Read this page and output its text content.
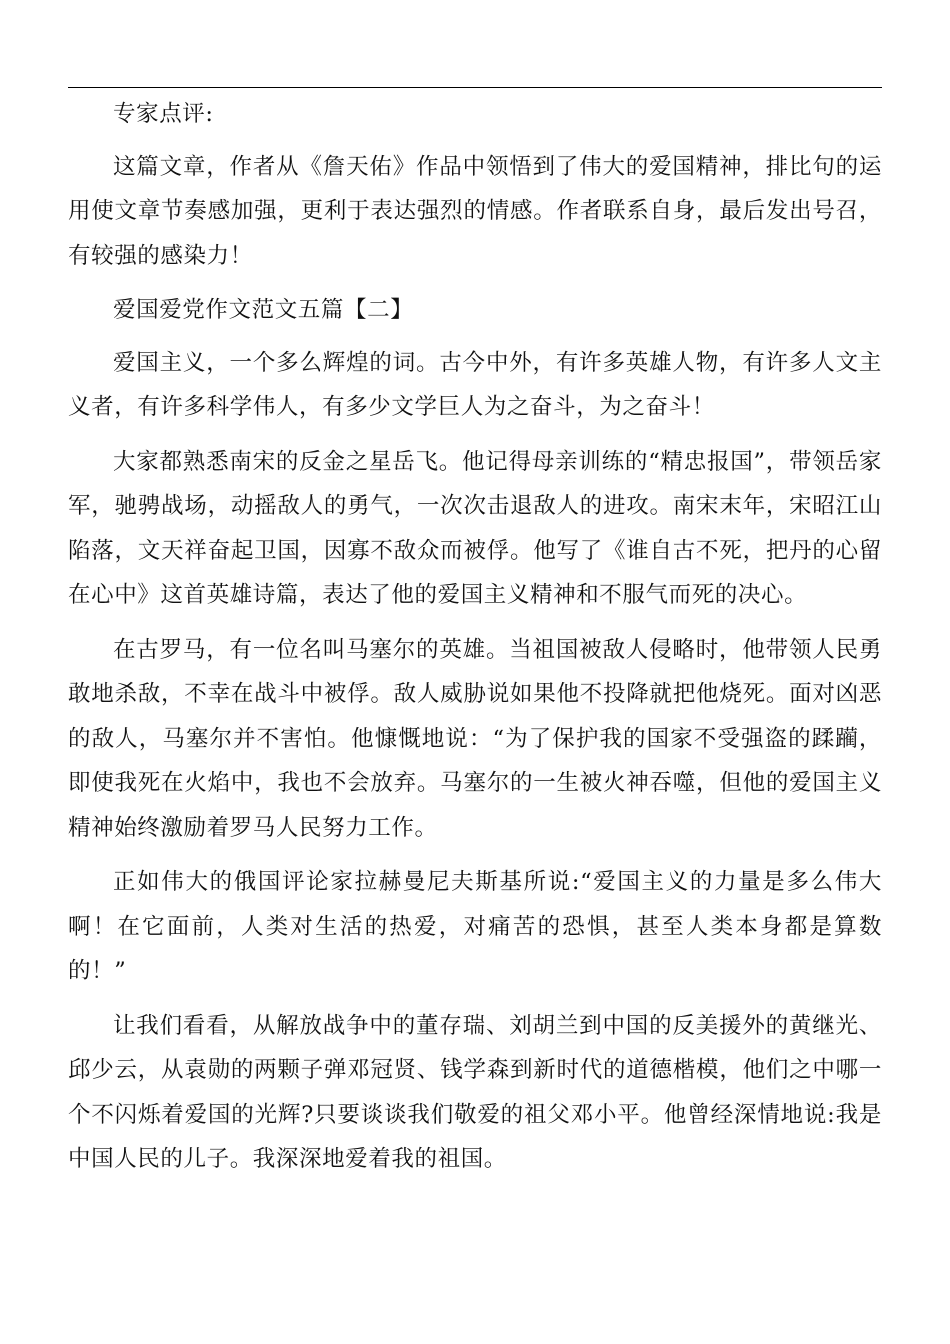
专家点评:

这篇文章，作者从《詹天佑》作品中领悟到了伟大的爱国精神，排比句的运用使文章节奏感加强，更利于表达强烈的情感。作者联系自身，最后发出号召，有较强的感染力！

爱国爱党作文范文五篇【二】

爱国主义，一个多么辉煌的词。古今中外，有许多英雄人物，有许多人文主义者，有许多科学伟人，有多少文学巨人为之奋斗，为之奋斗！

大家都熟悉南宋的反金之星岳飞。他记得母亲训练的“精忠报国”，带领岳家军，驰骋战场，动摇敌人的勇气，一次次击退敌人的进攻。南宋末年，宋昭江山陷落，文天祥奋起卫国，因寡不敌众而被俘。他写了《谁自古不死，把丹的心留在心中》这首英雄诗篇，表达了他的爱国主义精神和不服气而死的决心。

在古罗马，有一位名叫马塞尔的英雄。当祖国被敌人侵略时，他带领人民勇敢地杀敌，不幸在战斗中被俘。敌人威胁说如果他不投降就把他烧死。面对凶恶的敌人，马塞尔并不害怕。他慷慨地说：“为了保护我的国家不受强盗的蹂躏，即使我死在火焰中，我也不会放弃。马塞尔的一生被火神吞噬，但他的爱国主义精神始终激励着罗马人民努力工作。

正如伟大的俄国评论家拉赫曼尼夫斯基所说:“爱国主义的力量是多么伟大啊！在它面前，人类对生活的热爱，对痛苦的恐惧，甚至人类本身都是算数的！”

让我们看看，从解放战争中的董存瑞、刘胡兰到中国的反美援外的黄继光、邱少云，从袁勋的两颗子弹邓冠贤、钱学森到新时代的道德楷模，他们之中哪一个不闪烁着爱国的光辉?只要谈谈我们敬爱的祖父邓小平。他曾经深情地说:我是中国人民的儿子。我深深地爱着我的祖国。
